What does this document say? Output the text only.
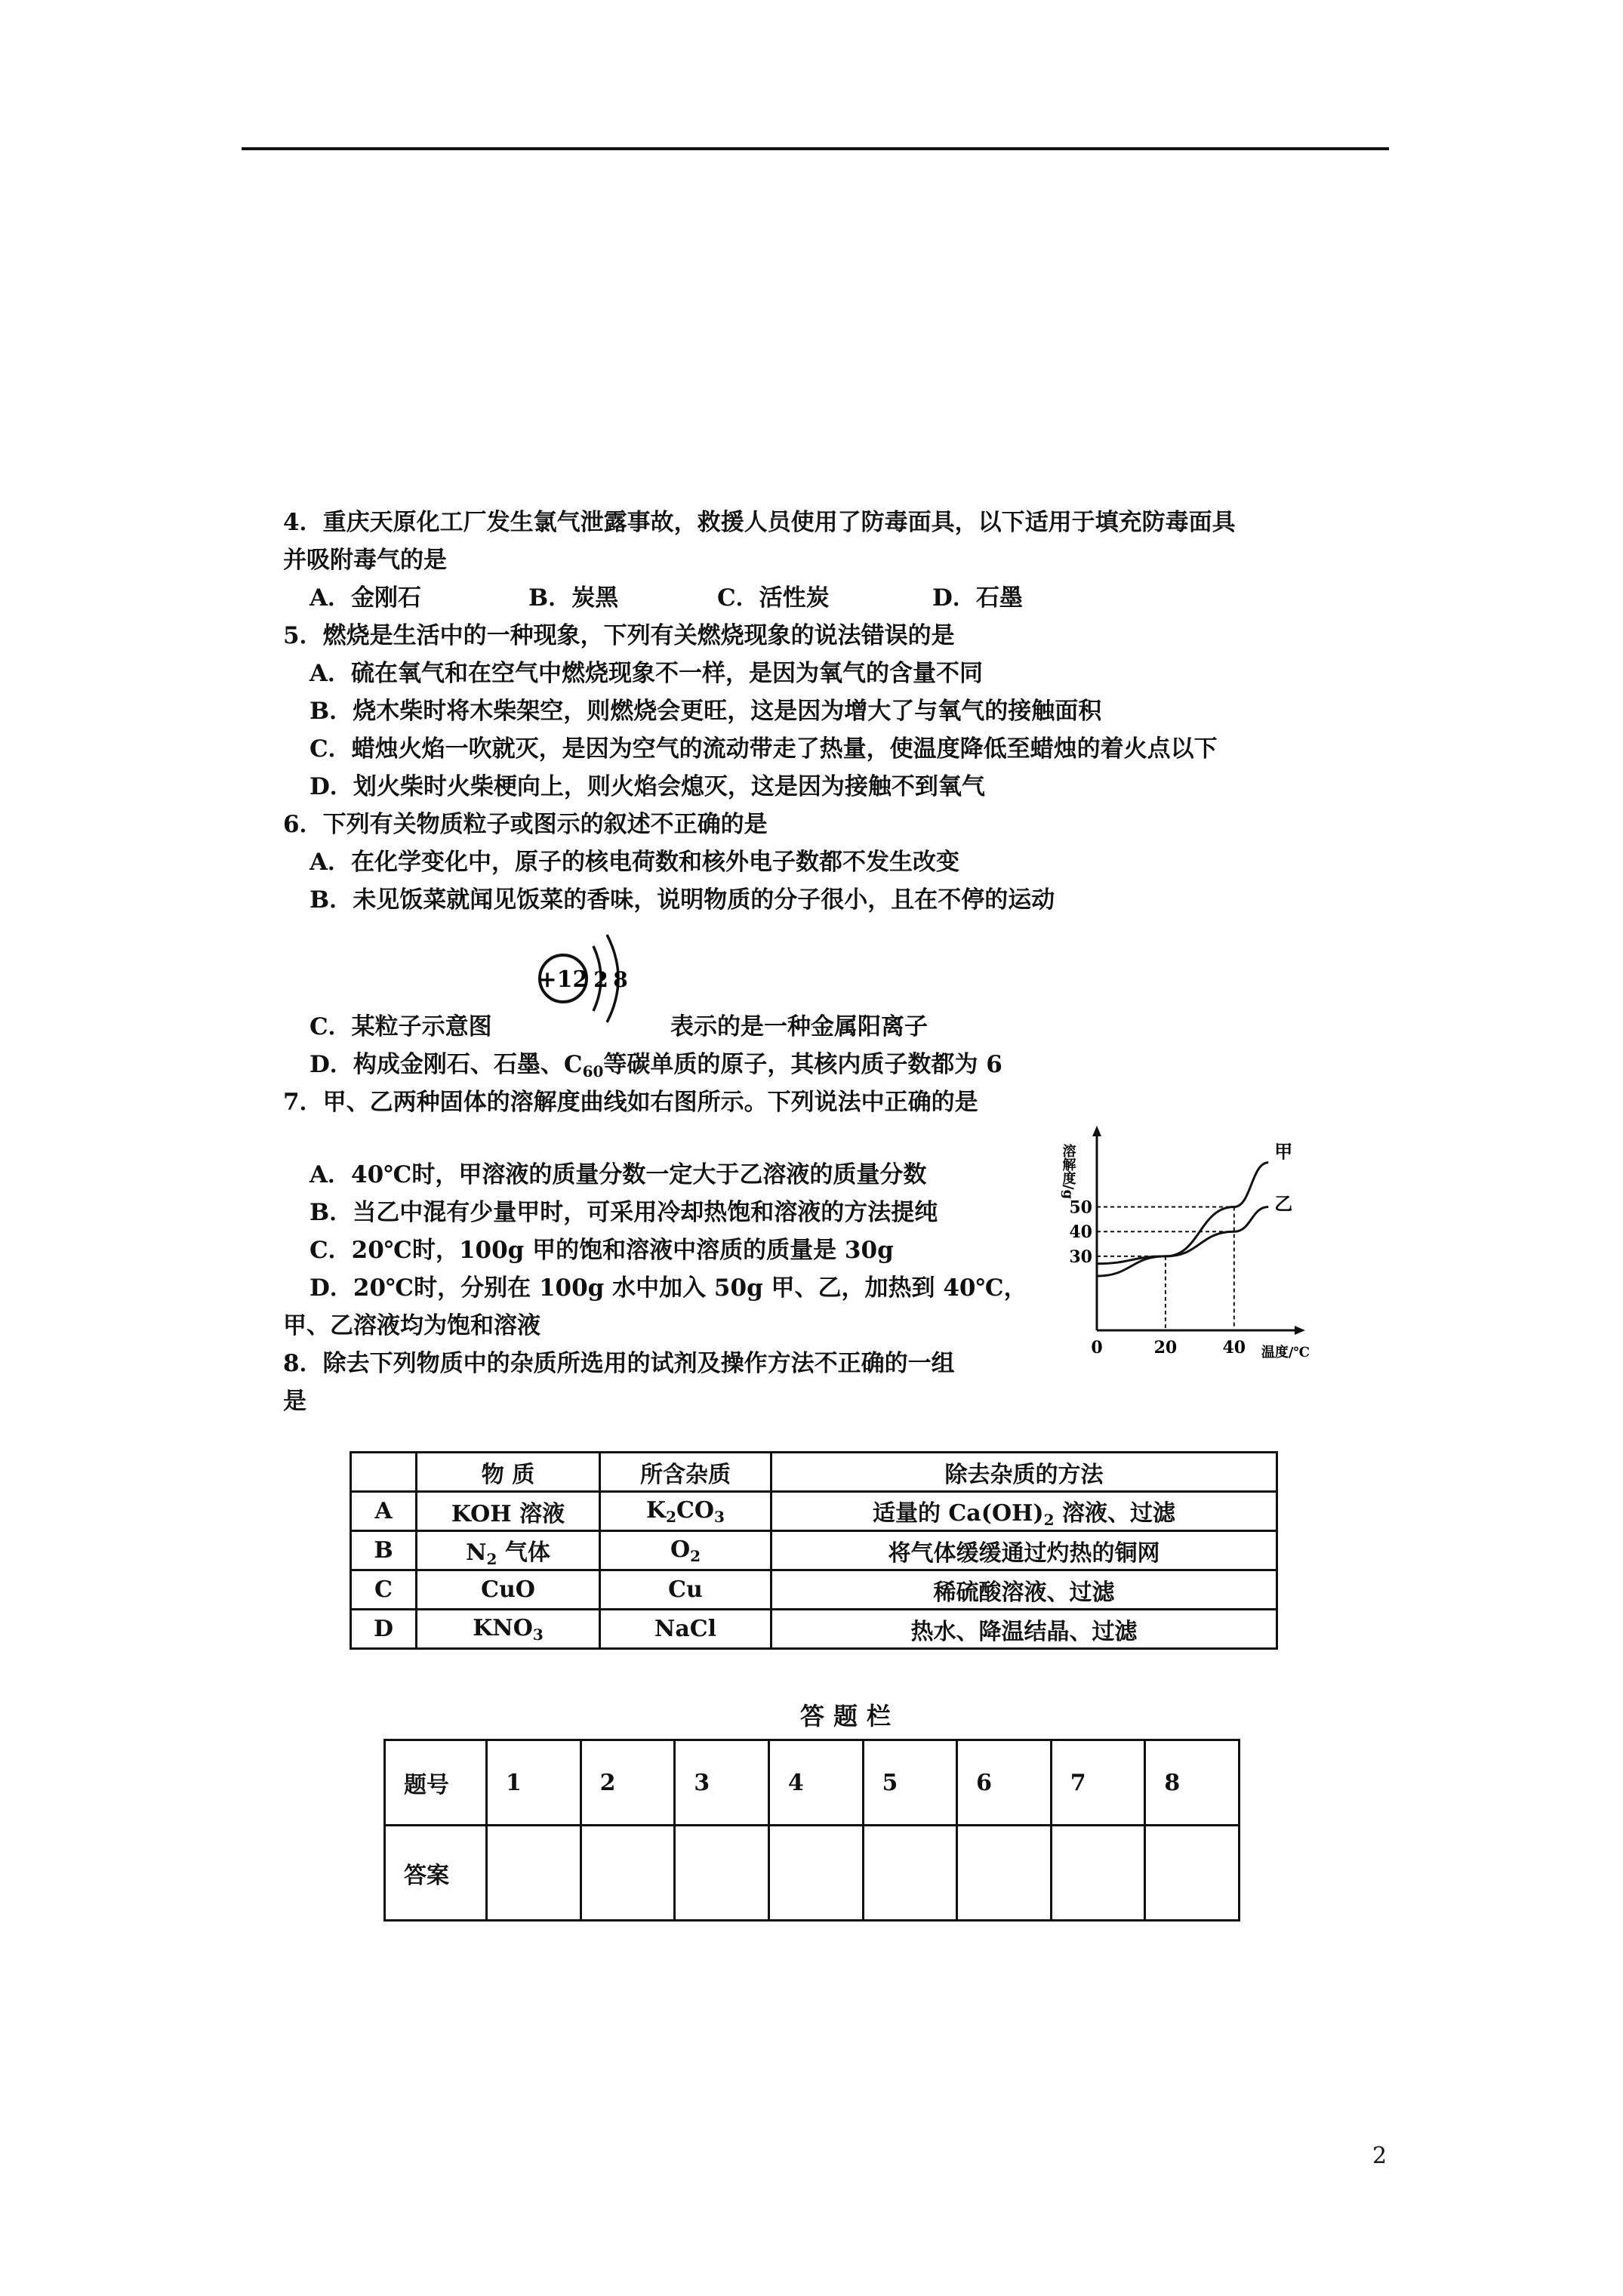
4．重庆天原化工厂发生氯气泄露事故，救援人员使用了防毒面具，以下适用于填充防毒面具
并吸附毒气的是
A．金刚石	B．炭黑	C．活性炭	D．石墨
5．燃烧是生活中的一种现象，下列有关燃烧现象的说法错误的是
A．硫在氧气和在空气中燃烧现象不一样，是因为氧气的含量不同
B．烧木柴时将木柴架空，则燃烧会更旺，这是因为增大了与氧气的接触面积
C．蜡烛火焰一吹就灭，是因为空气的流动带走了热量，使温度降低至蜡烛的着火点以下
D．划火柴时火柴梗向上，则火焰会熄灭，这是因为接触不到氧气
6．下列有关物质粒子或图示的叙述不正确的是
A．在化学变化中，原子的核电荷数和核外电子数都不发生改变
B．未见饭菜就闻见饭菜的香味，说明物质的分子很小，且在不停的运动
+12 2 8
C．某粒子示意图	表示的是一种金属阳离子
D．构成金刚石、石墨、$C_{60}$等碳单质的原子，其核内质子数都为 6
7．甲、乙两种固体的溶解度曲线如右图所示。下列说法中正确的是
A．40℃时，甲溶液的质量分数一定大于乙溶液的质量分数
B．当乙中混有少量甲时，可采用冷却热饱和溶液的方法提纯
C．20℃时，100g 甲的饱和溶液中溶质的质量是 30g
D．20℃时，分别在 100g 水中加入 50g 甲、乙，加热到 40℃，
甲、乙溶液均为饱和溶液
溶解度/g
温度/℃
0	20	40
30
40
50
甲
乙
8．除去下列物质中的杂质所选用的试剂及操作方法不正确的一组
是
	物 质	所含杂质	除去杂质的方法
A	KOH 溶液	$K_2CO_3$	适量的 $Ca(OH)_2$ 溶液、过滤
B	$N_2$ 气体	$O_2$	将气体缓缓通过灼热的铜网
C	CuO	Cu	稀硫酸溶液、过滤
D	$KNO_3$	NaCl	热水、降温结晶、过滤
答题栏
题号	1	2	3	4	5	6	7	8
答案								
2
